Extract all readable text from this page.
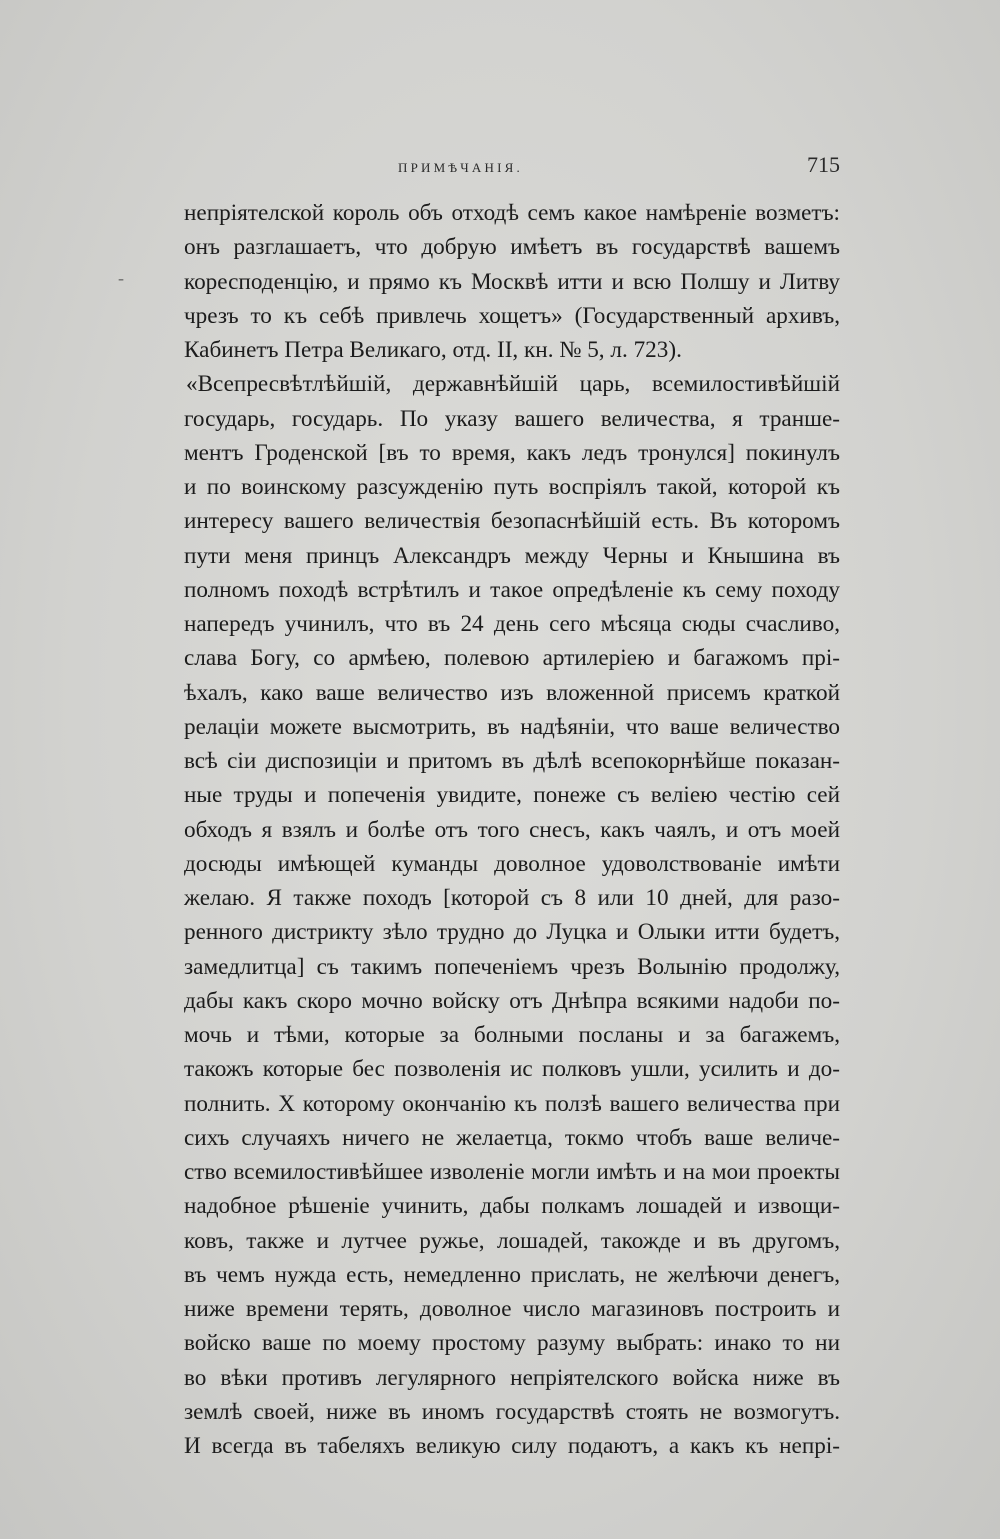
ПРИМѢЧАНІЯ.	715
‑
непріятелской король объ отходѣ семъ какое намѣреніе возметъ:
онъ разглашаетъ, что добрую имѣетъ въ государствѣ вашемъ
коресподенцію, и прямо къ Москвѣ итти и всю Полшу и Литву
чрезъ то къ себѣ привлечь хощетъ» (Государственный архивъ,
Кабинетъ Петра Великаго, отд. II, кн. № 5, л. 723).
«Всепресвѣтлѣйшій, державнѣйшій царь, всемилостивѣйшій
государь, государь. По указу вашего величества, я транше-
ментъ Гроденской [въ то время, какъ ледъ тронулся] покинулъ
и по воинскому разсужденію путь воспріялъ такой, которой къ
интересу вашего величествія безопаснѣйшій есть. Въ которомъ
пути меня принцъ Александръ между Черны и Кнышина въ
полномъ походѣ встрѣтилъ и такое опредѣленіе къ сему походу
напередъ учинилъ, что въ 24 день сего мѣсяца сюды счасливо,
слава Богу, со армѣею, полевою артилеріею и багажомъ прі-
ѣхалъ, како ваше величество изъ вложенной присемъ краткой
релаціи можете высмотрить, въ надѣяніи, что ваше величество
всѣ сіи диспозиціи и притомъ въ дѣлѣ всепокорнѣйше показан-
ные труды и попеченія увидите, понеже съ веліею честію сей
обходъ я взялъ и болѣе отъ того снесъ, какъ чаялъ, и отъ моей
досюды имѣющей куманды доволное удоволствованіе имѣти
желаю. Я также походъ [которой съ 8 или 10 дней, для разо-
ренного дистрикту зѣло трудно до Луцка и Олыки итти будетъ,
замедлитца] съ такимъ попеченіемъ чрезъ Волынію продолжу,
дабы какъ скоро мочно войску отъ Днѣпра всякими надоби по-
мочь и тѣми, которые за болными посланы и за багажемъ,
такожъ которые бес позволенія ис полковъ ушли, усилить и до-
полнить. Х которому окончанію къ ползѣ вашего величества при
сихъ случаяхъ ничего не желаетца, токмо чтобъ ваше величе-
ство всемилостивѣйшее изволеніе могли имѣть и на мои проекты
надобное рѣшеніе учинить, дабы полкамъ лошадей и извощи-
ковъ, также и лутчее ружье, лошадей, такожде и въ другомъ,
въ чемъ нужда есть, немедленно прислать, не желѣючи денегъ,
ниже времени терять, доволное число магазиновъ построить и
войско ваше по моему простому разуму выбрать: инако то ни
во вѣки противъ легулярного непріятелского войска ниже въ
землѣ своей, ниже въ иномъ государствѣ стоять не возмогутъ.
И всегда въ табеляхъ великую силу подаютъ, а какъ къ непрі-
